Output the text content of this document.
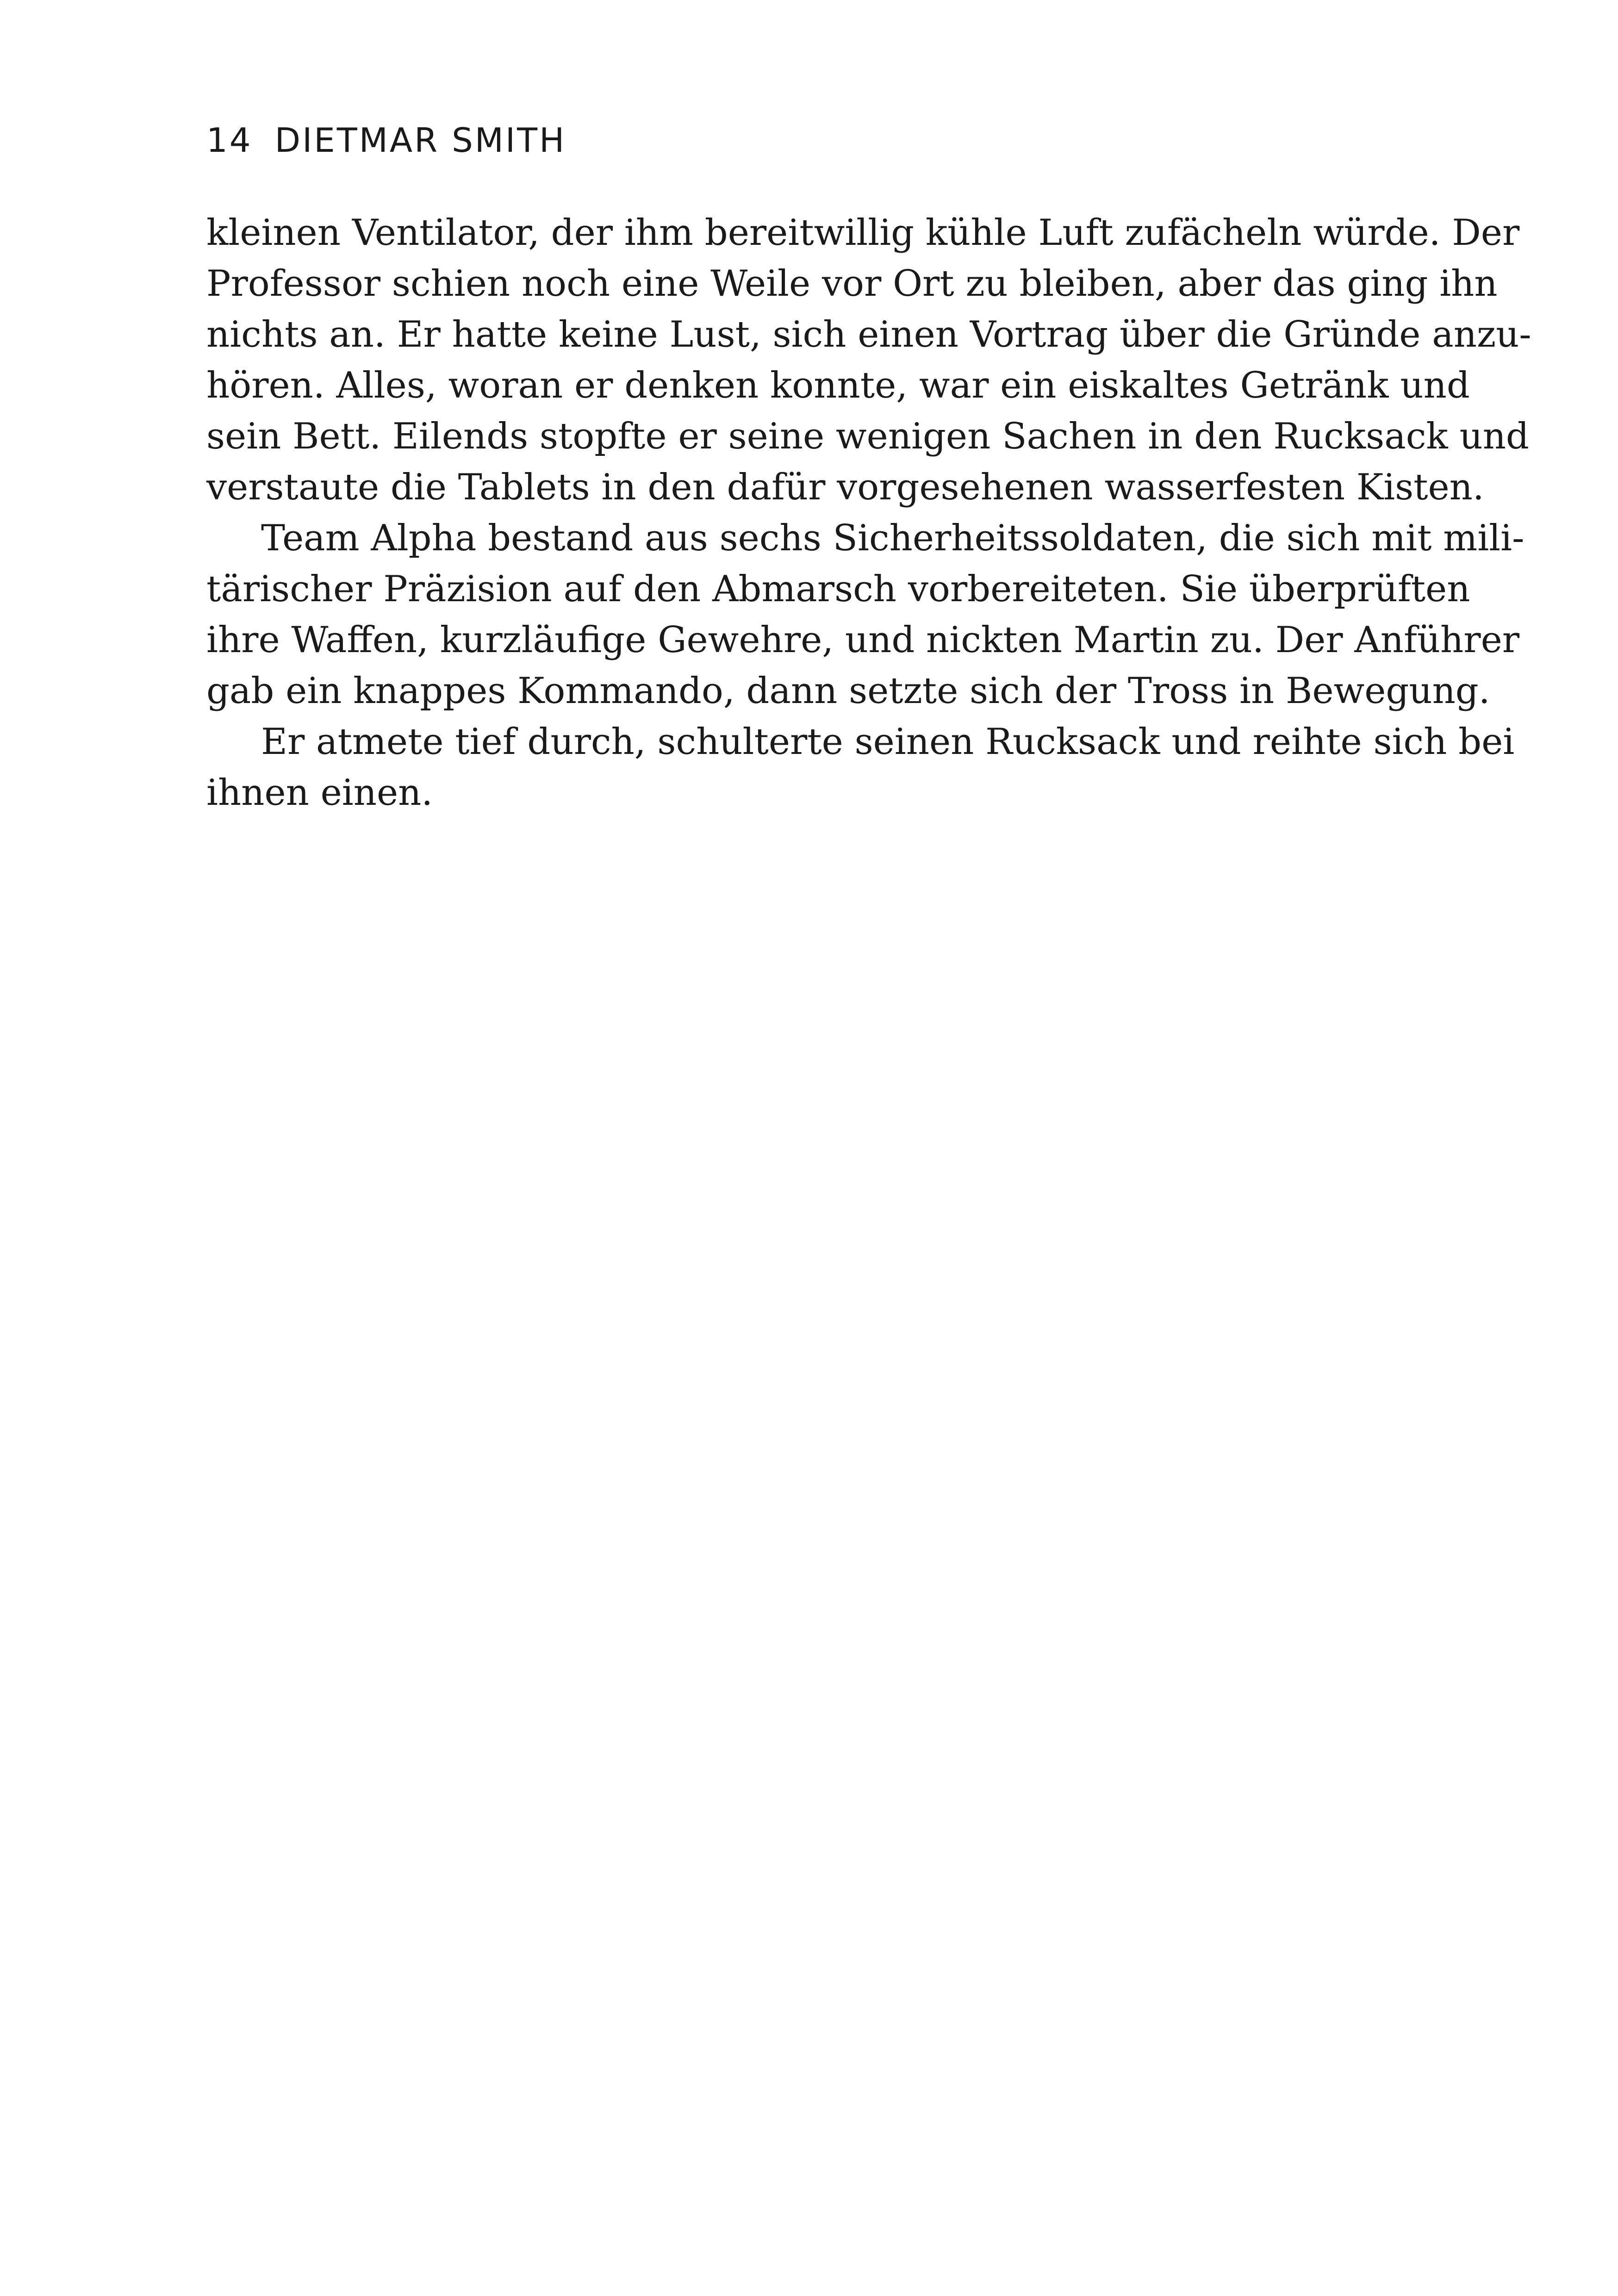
14 DIETMAR SMITH
kleinen Ventilator, der ihm bereitwillig kühle Luft zufächeln würde. Der
Professor schien noch eine Weile vor Ort zu bleiben, aber das ging ihn
nichts an. Er hatte keine Lust, sich einen Vortrag über die Gründe anzu-
hören. Alles, woran er denken konnte, war ein eiskaltes Getränk und
sein Bett. Eilends stopfte er seine wenigen Sachen in den Rucksack und
verstaute die Tablets in den dafür vorgesehenen wasserfesten Kisten.
Team Alpha bestand aus sechs Sicherheitssoldaten, die sich mit mili-
tärischer Präzision auf den Abmarsch vorbereiteten. Sie überprüften
ihre Waffen, kurzläufige Gewehre, und nickten Martin zu. Der Anführer
gab ein knappes Kommando, dann setzte sich der Tross in Bewegung.
Er atmete tief durch, schulterte seinen Rucksack und reihte sich bei
ihnen einen.
